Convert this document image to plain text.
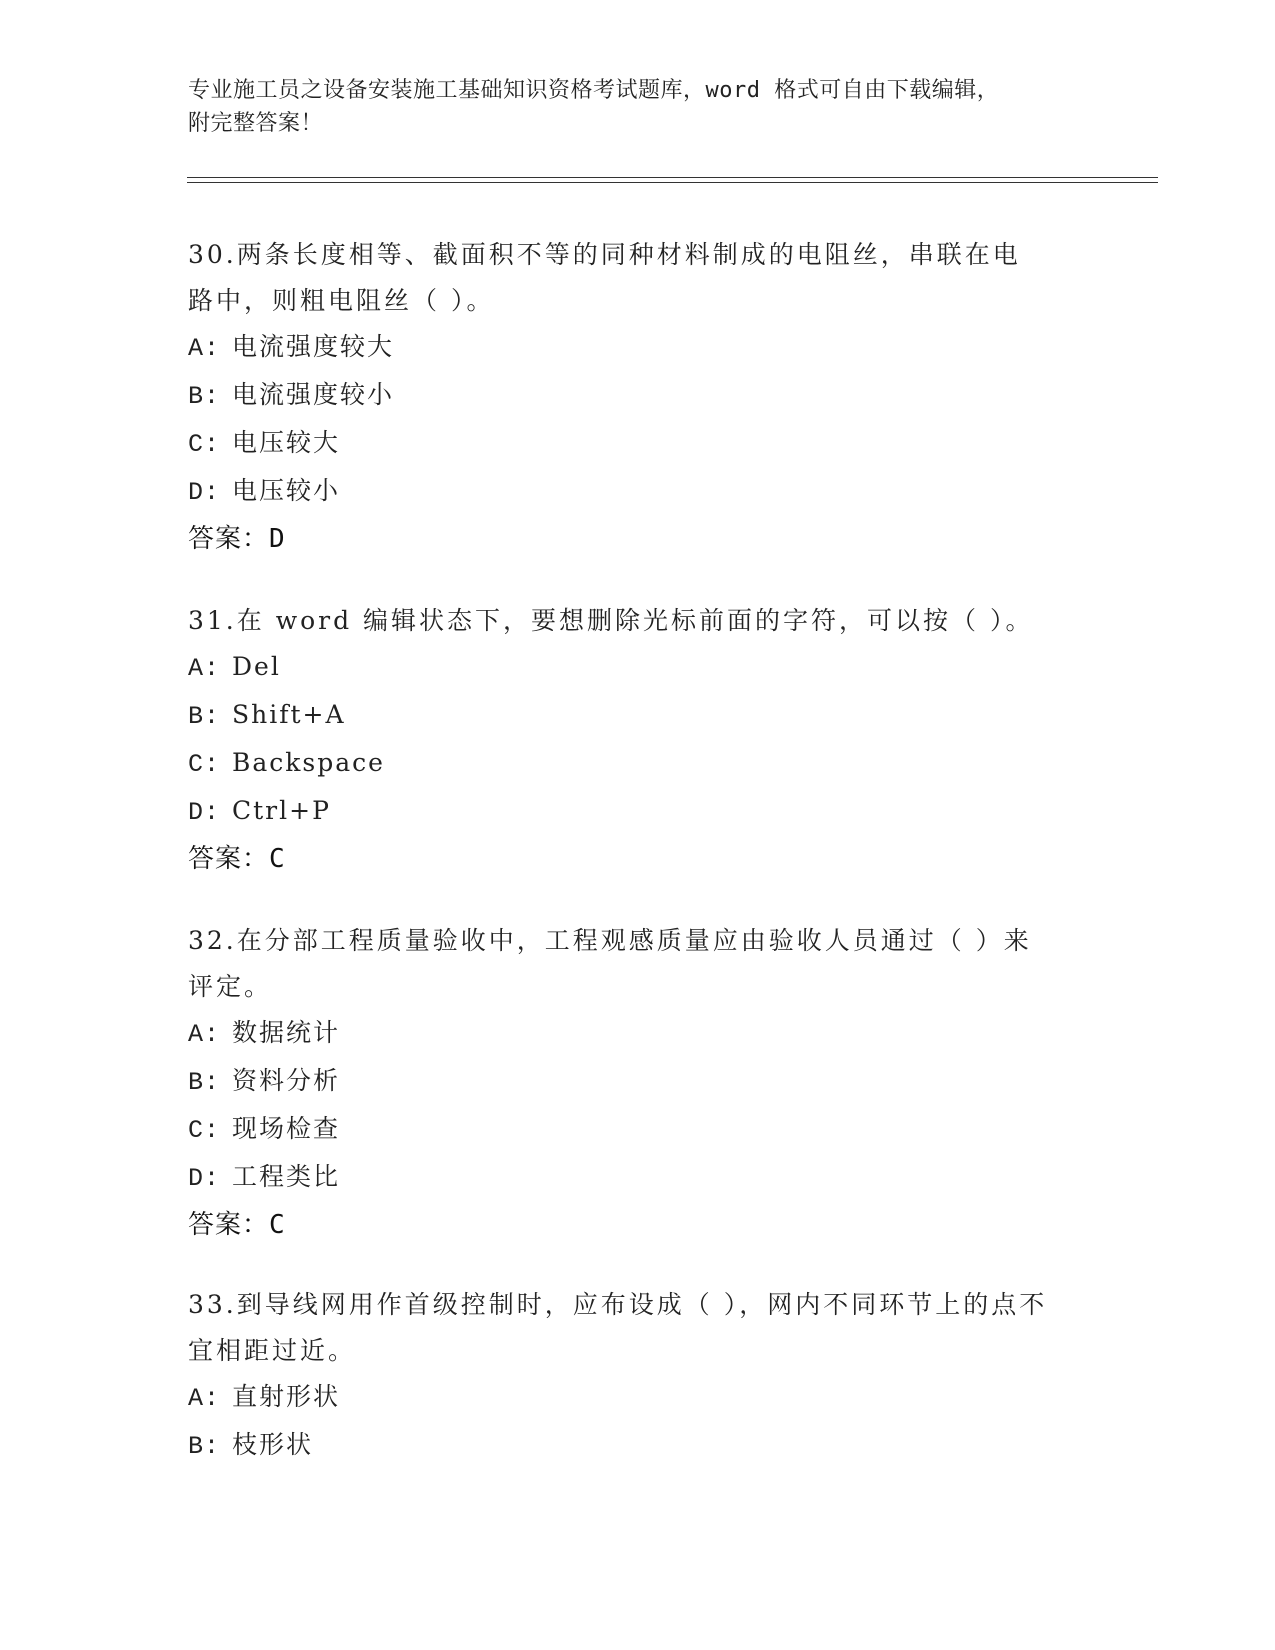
专业施工员之设备安装施工基础知识资格考试题库，word 格式可自由下载编辑，
附完整答案！
30.两条长度相等、截面积不等的同种材料制成的电阻丝，串联在电路中，则粗电阻丝（ ）。
A: 电流强度较大
B: 电流强度较小
C: 电压较大
D: 电压较小
答案：D
31.在 word 编辑状态下，要想删除光标前面的字符，可以按（ ）。
A: Del
B: Shift+A
C: Backspace
D: Ctrl+P
答案：C
32.在分部工程质量验收中，工程观感质量应由验收人员通过（ ）来评定。
A: 数据统计
B: 资料分析
C: 现场检查
D: 工程类比
答案：C
33.到导线网用作首级控制时，应布设成（ ），网内不同环节上的点不宜相距过近。
A: 直射形状
B: 枝形状
